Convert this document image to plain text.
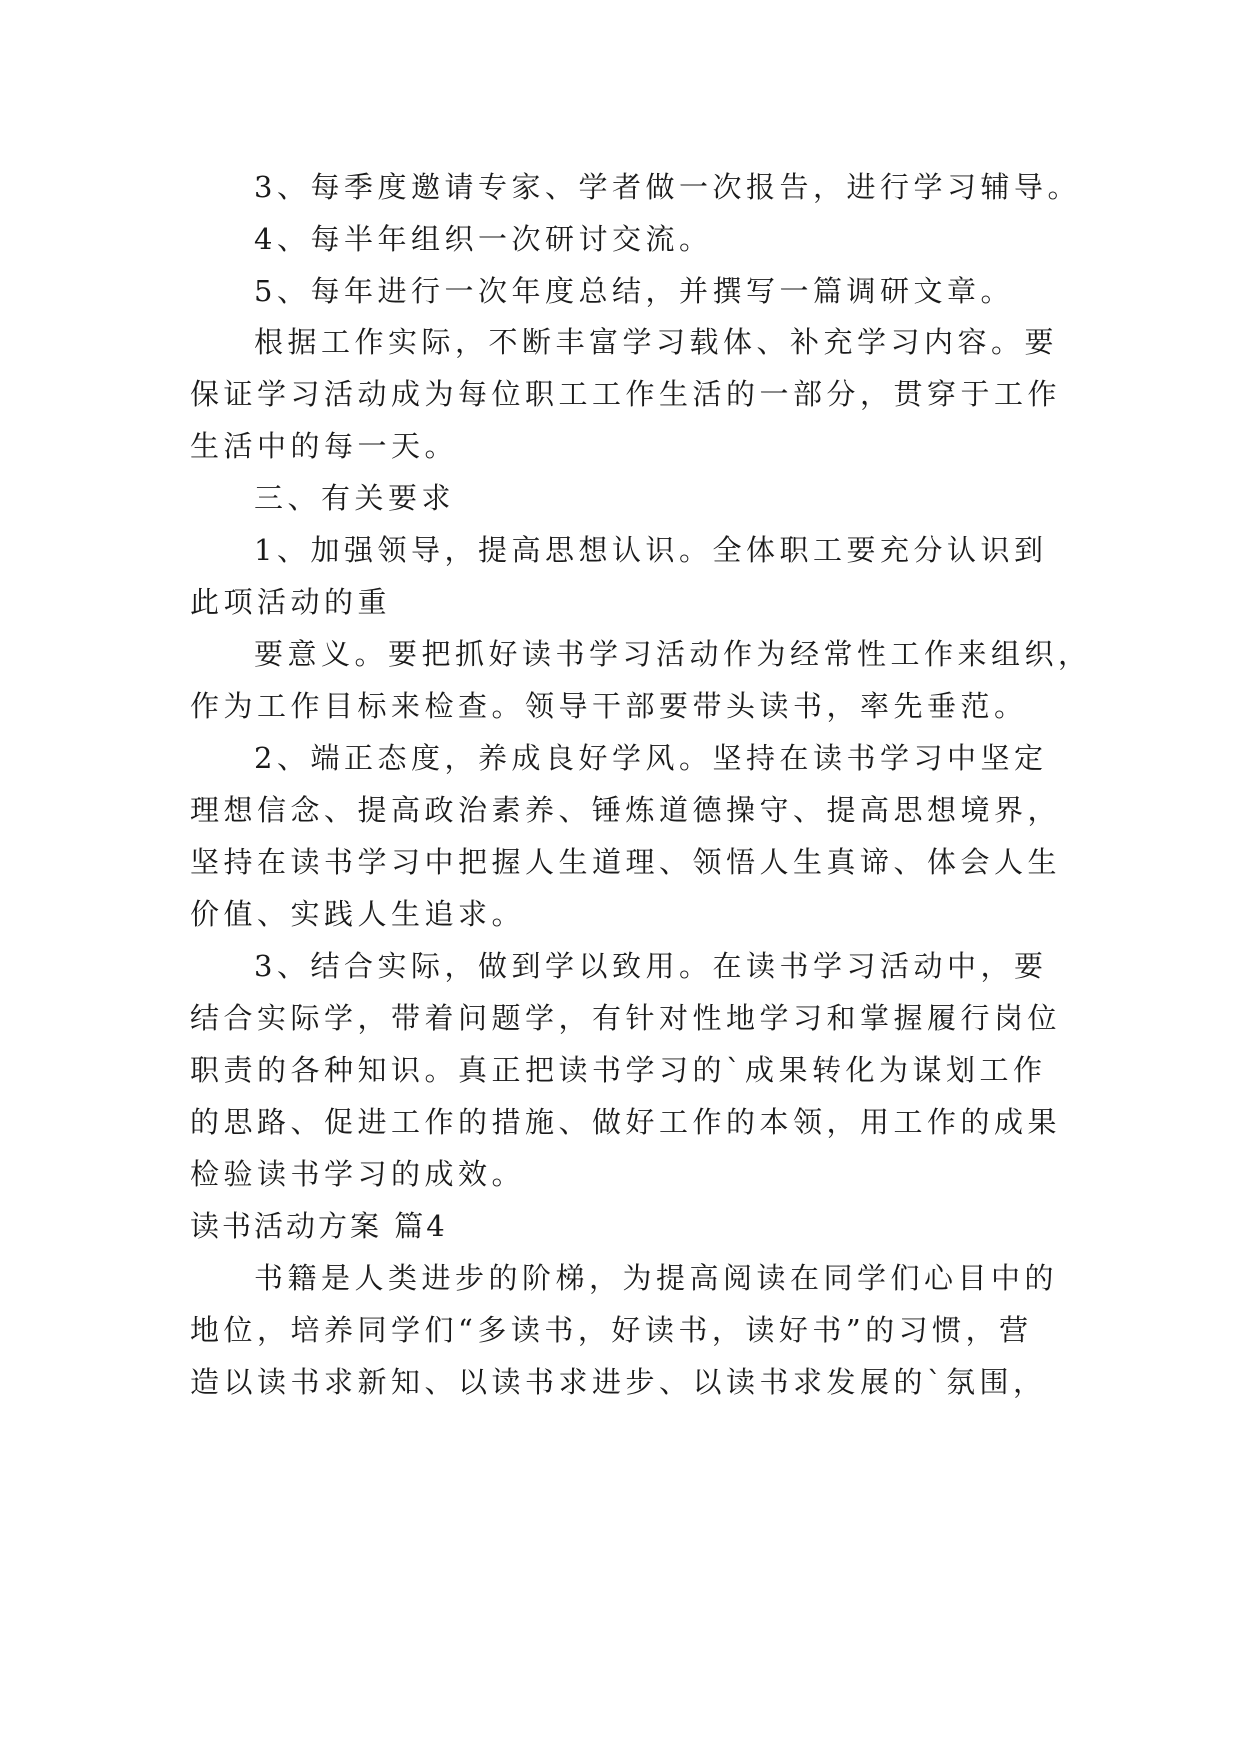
3、每季度邀请专家、学者做一次报告，进行学习辅导。
4、每半年组织一次研讨交流。
5、每年进行一次年度总结，并撰写一篇调研文章。
根据工作实际，不断丰富学习载体、补充学习内容。要
保证学习活动成为每位职工工作生活的一部分，贯穿于工作
生活中的每一天。
三、有关要求
1、加强领导，提高思想认识。全体职工要充分认识到
此项活动的重
要意义。要把抓好读书学习活动作为经常性工作来组织，
作为工作目标来检查。领导干部要带头读书，率先垂范。
2、端正态度，养成良好学风。坚持在读书学习中坚定
理想信念、提高政治素养、锤炼道德操守、提高思想境界，
坚持在读书学习中把握人生道理、领悟人生真谛、体会人生
价值、实践人生追求。
3、结合实际，做到学以致用。在读书学习活动中，要
结合实际学，带着问题学，有针对性地学习和掌握履行岗位
职责的各种知识。真正把读书学习的`成果转化为谋划工作
的思路、促进工作的措施、做好工作的本领，用工作的成果
检验读书学习的成效。
读书活动方案 篇4
书籍是人类进步的阶梯，为提高阅读在同学们心目中的
地位，培养同学们“多读书，好读书，读好书”的习惯，营
造以读书求新知、以读书求进步、以读书求发展的`氛围，
